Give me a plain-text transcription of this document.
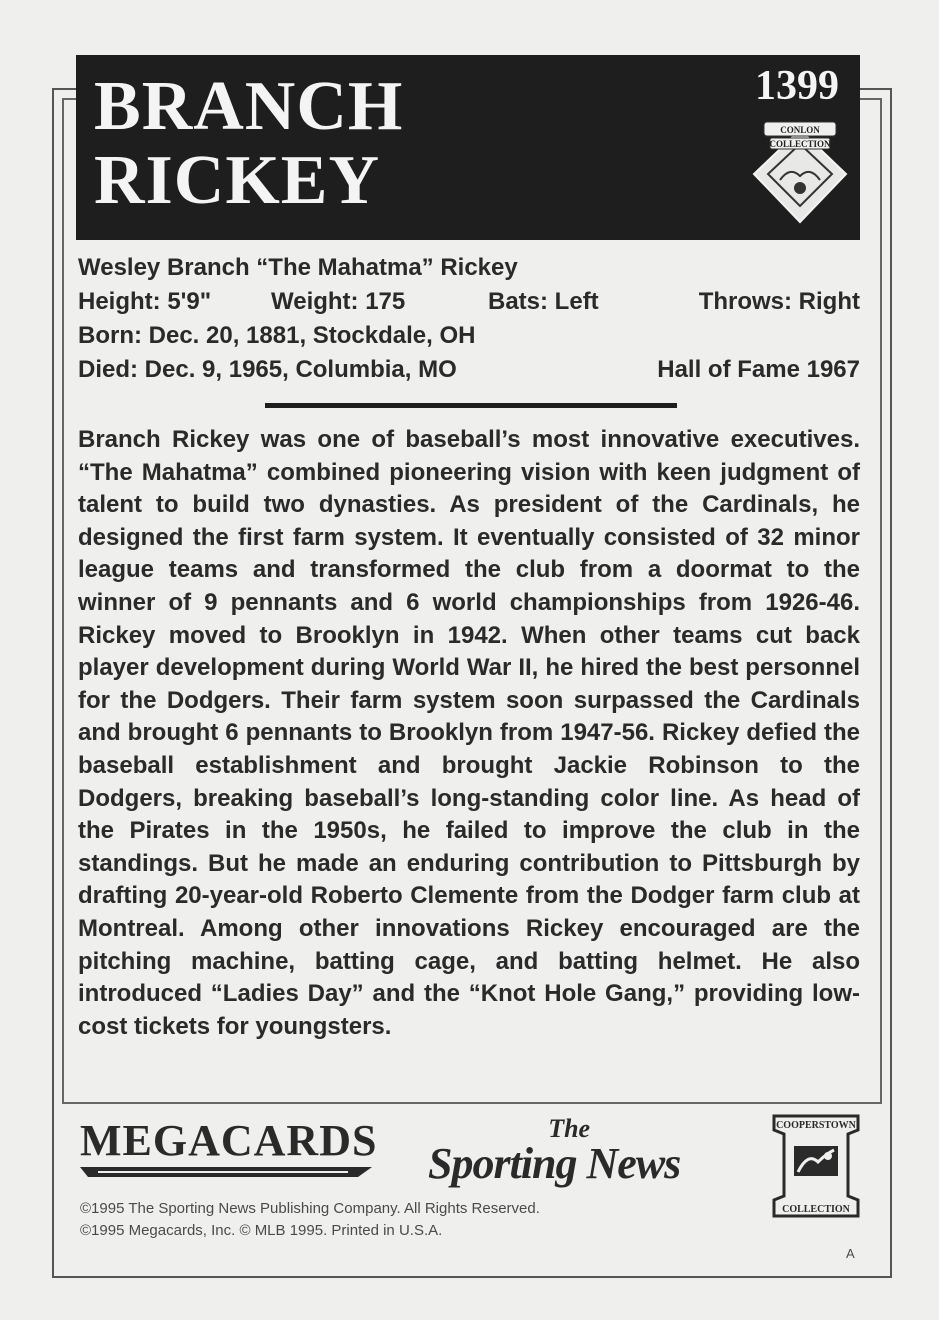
BRANCH
RICKEY
1399
CONLON
COLLECTION
Wesley Branch “The Mahatma” Rickey
Height: 5'9" Weight: 175	Bats: Left	Throws: Right
Born: Dec. 20, 1881, Stockdale, OH
Died: Dec. 9, 1965, Columbia, MO	Hall of Fame 1967

Branch Rickey was one of baseball’s most innovative executives. “The Mahatma” combined pioneering vision with keen judgment of talent to build two dynasties. As president of the Cardinals, he designed the first farm system. It eventually consisted of 32 minor league teams and transformed the club from a doormat to the winner of 9 pennants and 6 world championships from 1926-46. Rickey moved to Brooklyn in 1942. When other teams cut back player development during World War II, he hired the best personnel for the Dodgers. Their farm system soon surpassed the Cardinals and brought 6 pennants to Brooklyn from 1947-56. Rickey defied the baseball establishment and brought Jackie Robinson to the Dodgers, breaking baseball’s long-standing color line. As head of the Pirates in the 1950s, he failed to improve the club in the standings. But he made an enduring contribution to Pittsburgh by drafting 20-year-old Roberto Clemente from the Dodger farm club at Montreal. Among other innovations Rickey encouraged are the pitching machine, batting cage, and batting helmet. He also introduced “Ladies Day” and the “Knot Hole Gang,” providing low-cost tickets for youngsters.

MEGACARDS	The
Sporting News
COOPERSTOWN
COLLECTION
©1995 The Sporting News Publishing Company. All Rights Reserved.
©1995 Megacards, Inc. © MLB 1995. Printed in U.S.A.
A
